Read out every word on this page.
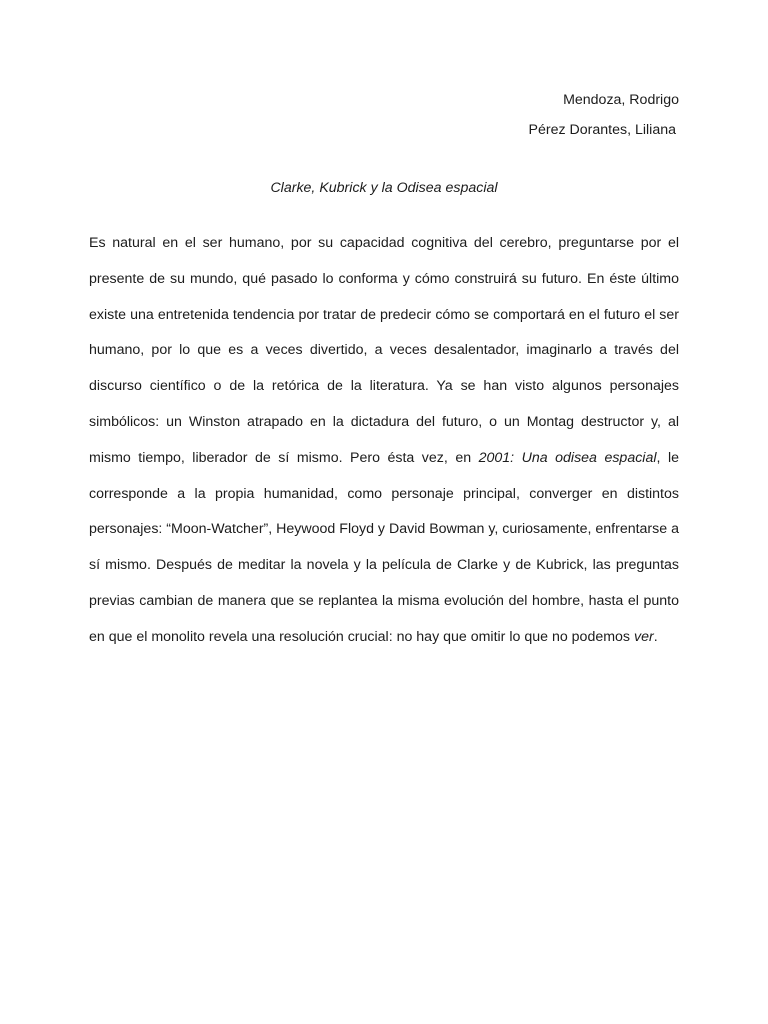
Mendoza, Rodrigo
Pérez Dorantes, Liliana
Clarke, Kubrick y la Odisea espacial

Es natural en el ser humano, por su capacidad cognitiva del cerebro, preguntarse por el presente de su mundo, qué pasado lo conforma y cómo construirá su futuro. En éste último existe una entretenida tendencia por tratar de predecir cómo se comportará en el futuro el ser humano, por lo que es a veces divertido, a veces desalentador, imaginarlo a través del discurso científico o de la retórica de la literatura. Ya se han visto algunos personajes simbólicos: un Winston atrapado en la dictadura del futuro, o un Montag destructor y, al mismo tiempo, liberador de sí mismo. Pero ésta vez, en 2001: Una odisea espacial, le corresponde a la propia humanidad, como personaje principal, converger en distintos personajes: “Moon-Watcher”, Heywood Floyd y David Bowman y, curiosamente, enfrentarse a sí mismo. Después de meditar la novela y la película de Clarke y de Kubrick, las preguntas previas cambian de manera que se replantea la misma evolución del hombre, hasta el punto en que el monolito revela una resolución crucial: no hay que omitir lo que no podemos ver.
